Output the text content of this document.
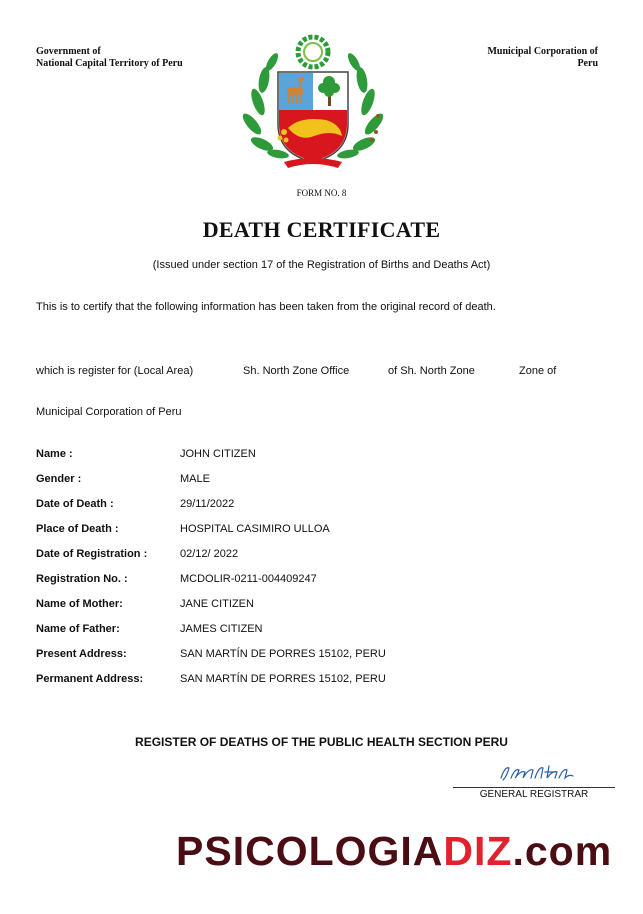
Government of
National Capital Territory of Peru
Municipal Corporation of
Peru
FORM NO. 8
DEATH CERTIFICATE
(Issued under section 17 of the Registration of Births and Deaths Act)
This is to certify that the following information has been taken from the original record of death.
which is register for (Local Area)	Sh. North Zone Office	of Sh. North Zone	Zone of
Municipal Corporation of Peru
Name :	JOHN CITIZEN
Gender :	MALE
Date of Death :	29/11/2022
Place of Death :	HOSPITAL CASIMIRO ULLOA
Date of Registration :	02/12/ 2022
Registration No. :	MCDOLIR-0211-004409247
Name of Mother:	JANE CITIZEN
Name of Father:	JAMES CITIZEN
Present Address:	SAN MARTÍN DE PORRES 15102, PERU
Permanent Address:	SAN MARTÍN DE PORRES 15102, PERU
REGISTER OF DEATHS OF THE PUBLIC HEALTH SECTION PERU
GENERAL REGISTRAR
PSICOLOGIADIZ.com
